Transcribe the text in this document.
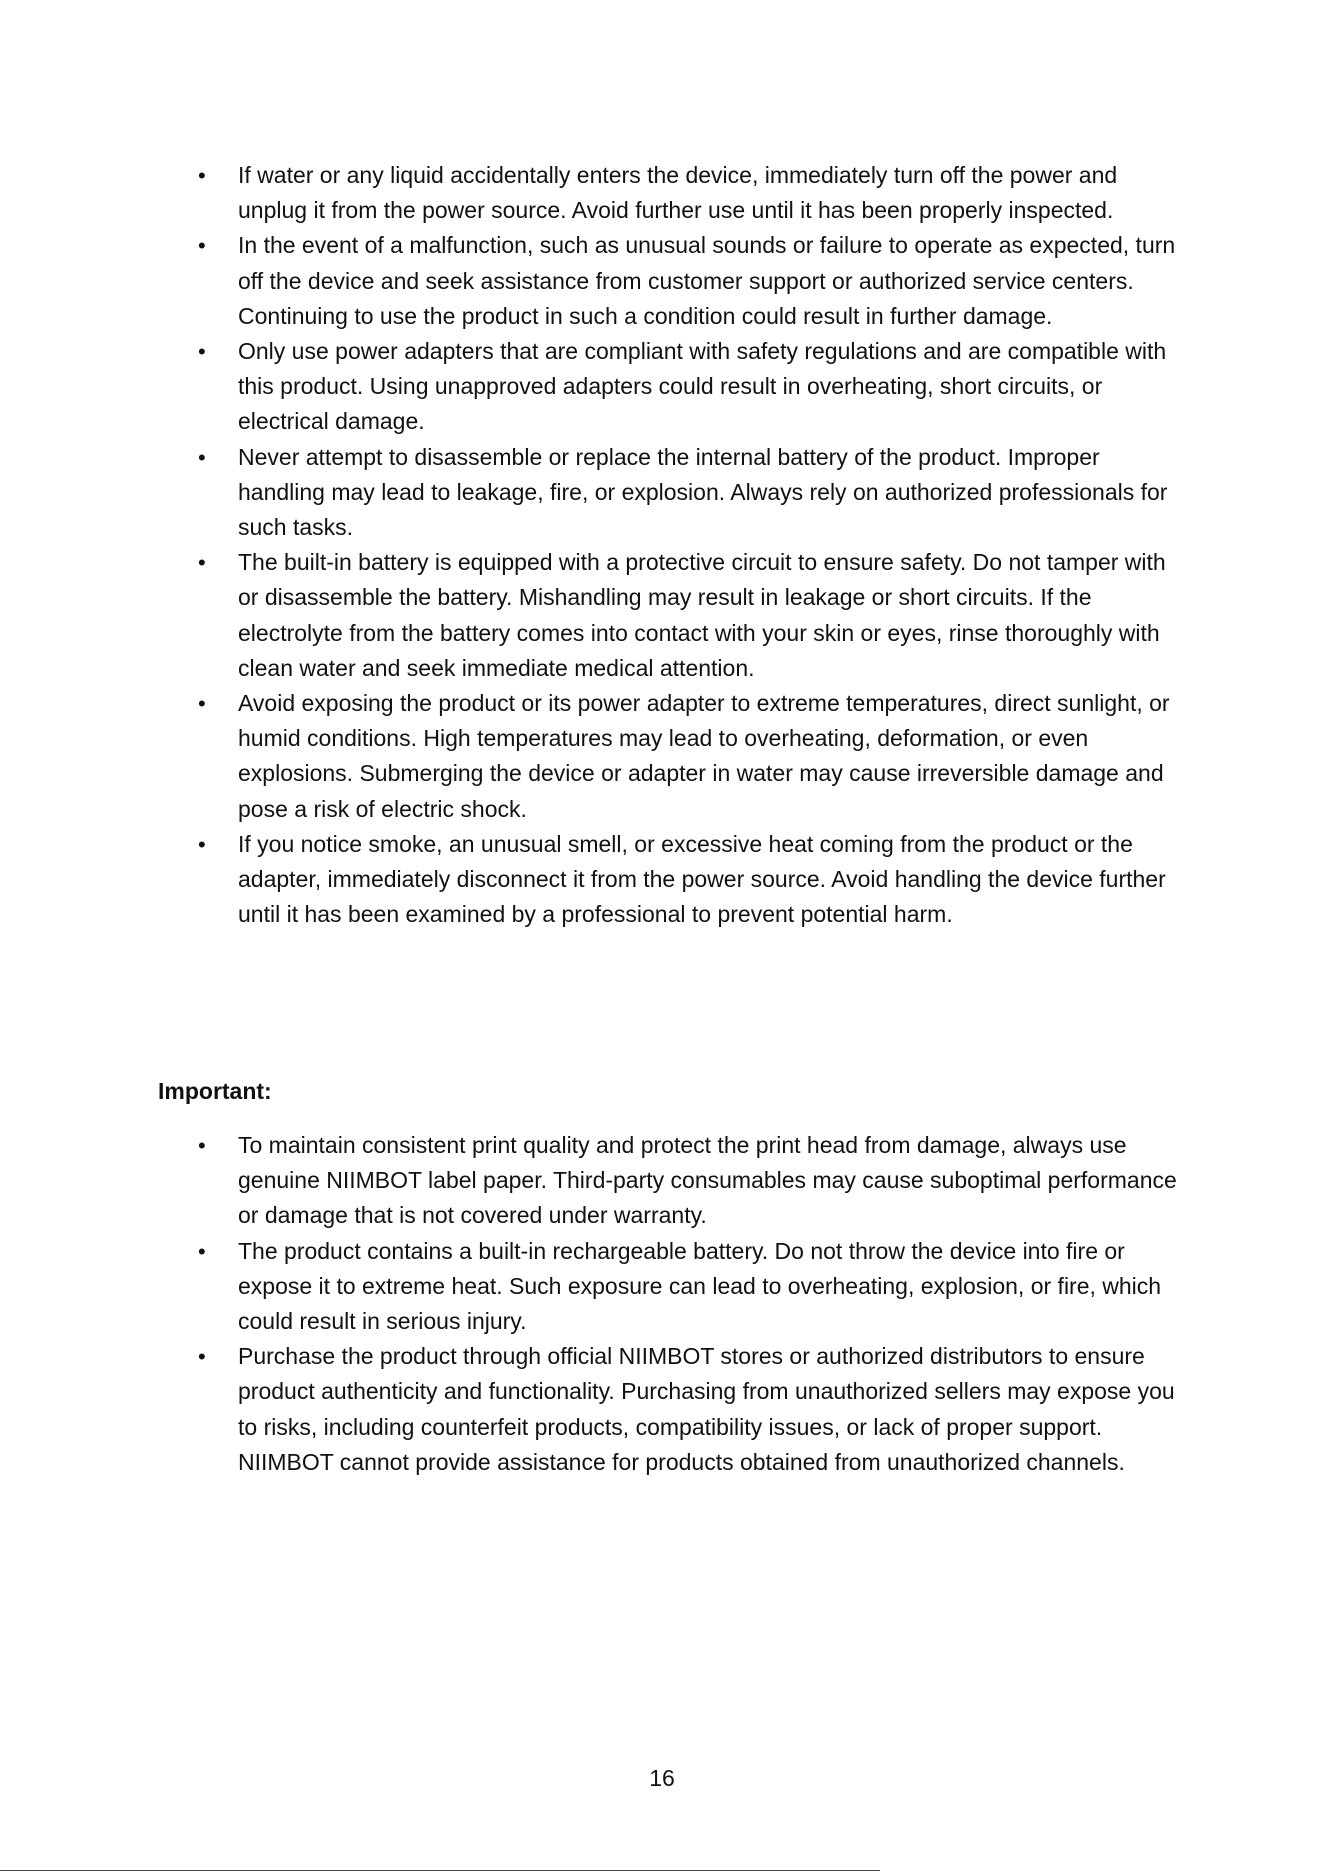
• If water or any liquid accidentally enters the device, immediately turn off the power and unplug it from the power source. Avoid further use until it has been properly inspected.
• In the event of a malfunction, such as unusual sounds or failure to operate as expected, turn off the device and seek assistance from customer support or authorized service centers. Continuing to use the product in such a condition could result in further damage.
• Only use power adapters that are compliant with safety regulations and are compatible with this product. Using unapproved adapters could result in overheating, short circuits, or electrical damage.
• Never attempt to disassemble or replace the internal battery of the product. Improper handling may lead to leakage, fire, or explosion. Always rely on authorized professionals for such tasks.
• The built-in battery is equipped with a protective circuit to ensure safety. Do not tamper with or disassemble the battery. Mishandling may result in leakage or short circuits. If the electrolyte from the battery comes into contact with your skin or eyes, rinse thoroughly with clean water and seek immediate medical attention.
• Avoid exposing the product or its power adapter to extreme temperatures, direct sunlight, or humid conditions. High temperatures may lead to overheating, deformation, or even explosions. Submerging the device or adapter in water may cause irreversible damage and pose a risk of electric shock.
• If you notice smoke, an unusual smell, or excessive heat coming from the product or the adapter, immediately disconnect it from the power source. Avoid handling the device further until it has been examined by a professional to prevent potential harm.
Important:
• To maintain consistent print quality and protect the print head from damage, always use genuine NIIMBOT label paper. Third-party consumables may cause suboptimal performance or damage that is not covered under warranty.
• The product contains a built-in rechargeable battery. Do not throw the device into fire or expose it to extreme heat. Such exposure can lead to overheating, explosion, or fire, which could result in serious injury.
• Purchase the product through official NIIMBOT stores or authorized distributors to ensure product authenticity and functionality. Purchasing from unauthorized sellers may expose you to risks, including counterfeit products, compatibility issues, or lack of proper support. NIIMBOT cannot provide assistance for products obtained from unauthorized channels.
16
